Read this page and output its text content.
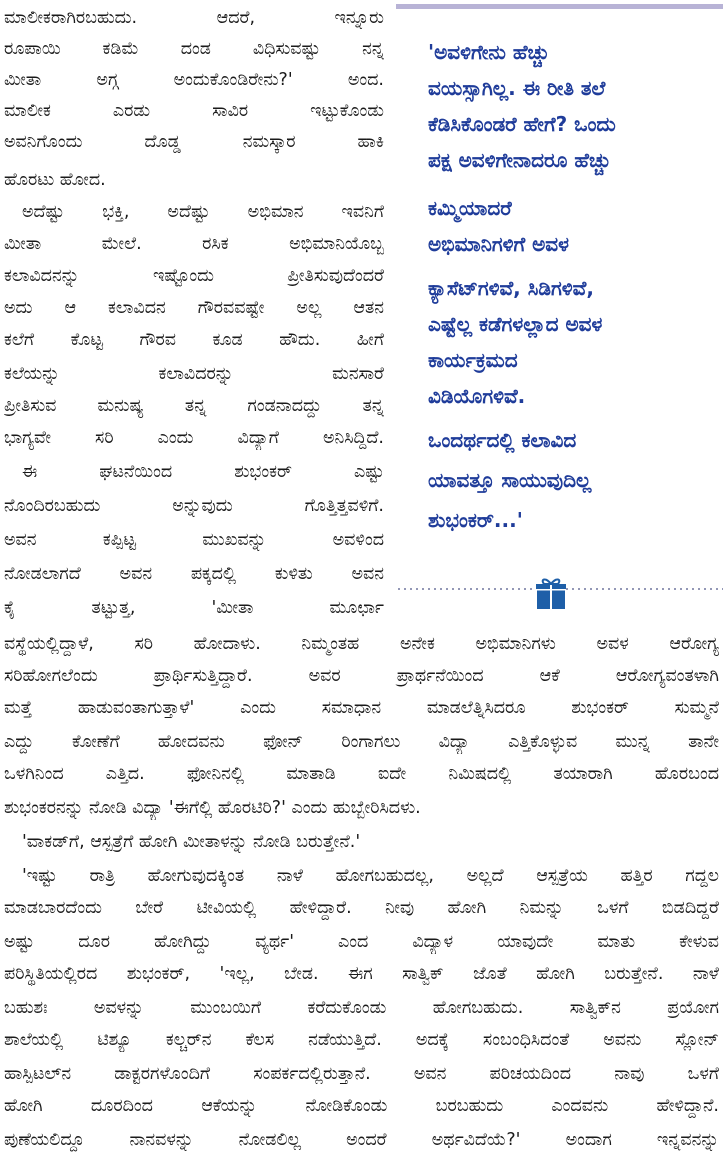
'ಅವಳಿಗೇನು ಹೆಚ್ಚು
ವಯಸ್ಸಾಗಿಲ್ಲ. ಈ ರೀತಿ ತಲೆ
ಕೆಡಿಸಿಕೊಂಡರೆ ಹೇಗೆ? ಒಂದು
ಪಕ್ಷ ಅವಳಿಗೇನಾದರೂ ಹೆಚ್ಚು
ಕಮ್ಮಿಯಾದರೆ
ಅಭಿಮಾನಿಗಳಿಗೆ ಅವಳ
ಕ್ಯಾಸೆಟ್‌ಗಳಿವೆ, ಸಿಡಿಗಳಿವೆ,
ಎಷ್ಟೆಲ್ಲ ಕಡೆಗಳಲ್ಲಾದ ಅವಳ
ಕಾರ್ಯಕ್ರಮದ
ವಿಡಿಯೊಗಳಿವೆ.
ಒಂದರ್ಥದಲ್ಲಿ ಕಲಾವಿದ
ಯಾವತ್ತೂ ಸಾಯುವುದಿಲ್ಲ
ಶುಭಂಕರ್...'
ಮಾಲೀಕರಾಗಿರಬಹುದು. ಆದರೆ, ಇನ್ನೂರು
ರೂಪಾಯಿ ಕಡಿಮೆ ದಂಡ ವಿಧಿಸುವಷ್ಟು ನನ್ನ
ಮೀತಾ ಅಗ್ಗ ಅಂದುಕೊಂಡಿರೇನು?' ಅಂದ.
ಮಾಲೀಕ ಎರಡು ಸಾವಿರ ಇಟ್ಟುಕೊಂಡು
ಅವನಿಗೊಂದು ದೊಡ್ಡ ನಮಸ್ಕಾರ ಹಾಕಿ
ಹೊರಟು ಹೋದ.
ಅದೆಷ್ಟು ಭಕ್ತಿ, ಅದೆಷ್ಟು ಅಭಿಮಾನ ಇವನಿಗೆ
ಮೀತಾ ಮೇಲೆ. ರಸಿಕ ಅಭಿಮಾನಿಯೊಬ್ಬ
ಕಲಾವಿದನನ್ನು ಇಷ್ಟೊಂದು ಪ್ರೀತಿಸುವುದೆಂದರೆ
ಅದು ಆ ಕಲಾವಿದನ ಗೌರವವಷ್ಟೇ ಅಲ್ಲ ಆತನ
ಕಲೆಗೆ ಕೊಟ್ಟ ಗೌರವ ಕೂಡ ಹೌದು. ಹೀಗೆ
ಕಲೆಯನ್ನು ಕಲಾವಿದರನ್ನು ಮನಸಾರೆ
ಪ್ರೀತಿಸುವ ಮನುಷ್ಯ ತನ್ನ ಗಂಡನಾದದ್ದು ತನ್ನ
ಭಾಗ್ಯವೇ ಸರಿ ಎಂದು ವಿದ್ಯಾಗೆ ಅನಿಸಿದ್ದಿದೆ.
ಈ ಘಟನೆಯಿಂದ ಶುಭಂಕರ್ ಎಷ್ಟು
ನೊಂದಿರಬಹುದು ಅನ್ನುವುದು ಗೊತ್ತಿತ್ತವಳಿಗೆ.
ಅವನ ಕಪ್ಪಿಟ್ಟ ಮುಖವನ್ನು ಅವಳಿಂದ
ನೋಡಲಾಗದೆ ಅವನ ಪಕ್ಕದಲ್ಲಿ ಕುಳಿತು ಅವನ
ಕೈ ತಟ್ಟುತ್ತ, 'ಮೀತಾ ಮೂರ್ಛಾ
ವಸ್ಥೆಯಲ್ಲಿದ್ದಾಳೆ, ಸರಿ ಹೋದಾಳು. ನಿಮ್ಮಂತಹ ಅನೇಕ ಅಭಿಮಾನಿಗಳು ಅವಳ ಆರೋಗ್ಯ
ಸರಿಹೋಗಲೆಂದು ಪ್ರಾರ್ಥಿಸುತ್ತಿದ್ದಾರೆ. ಅವರ ಪ್ರಾರ್ಥನೆಯಿಂದ ಆಕೆ ಆರೋಗ್ಯವಂತಳಾಗಿ
ಮತ್ತೆ ಹಾಡುವಂತಾಗುತ್ತಾಳೆ' ಎಂದು ಸಮಾಧಾನ ಮಾಡಲೆತ್ನಿಸಿದರೂ ಶುಭಂಕರ್ ಸುಮ್ಮನೆ
ಎದ್ದು ಕೋಣೆಗೆ ಹೋದವನು ಫೋನ್ ರಿಂಗಾಗಲು ವಿದ್ಯಾ ಎತ್ತಿಕೊಳ್ಳುವ ಮುನ್ನ ತಾನೇ
ಒಳಗಿನಿಂದ ಎತ್ತಿದ. ಫೋನಿನಲ್ಲಿ ಮಾತಾಡಿ ಐದೇ ನಿಮಿಷದಲ್ಲಿ ತಯಾರಾಗಿ ಹೊರಬಂದ
ಶುಭಂಕರನನ್ನು ನೋಡಿ ವಿದ್ಯಾ 'ಈಗೆಲ್ಲಿ ಹೊರಟಿರಿ?' ಎಂದು ಹುಬ್ಬೇರಿಸಿದಳು.
'ವಾಕಡ್‌ಗೆ, ಆಸ್ಪತ್ರೆಗೆ ಹೋಗಿ ಮೀತಾಳನ್ನು ನೋಡಿ ಬರುತ್ತೇನೆ.'
'ಇಷ್ಟು ರಾತ್ರಿ ಹೋಗುವುದಕ್ಕಿಂತ ನಾಳೆ ಹೋಗಬಹುದಲ್ಲ, ಅಲ್ಲದೆ ಆಸ್ಪತ್ರೆಯ ಹತ್ತಿರ ಗದ್ದಲ
ಮಾಡಬಾರದೆಂದು ಬೇರೆ ಟೀವಿಯಲ್ಲಿ ಹೇಳಿದ್ದಾರೆ. ನೀವು ಹೋಗಿ ನಿಮನ್ನು ಒಳಗೆ ಬಿಡದಿದ್ದರೆ
ಅಷ್ಟು ದೂರ ಹೋಗಿದ್ದು ವ್ಯರ್ಥ' ಎಂದ ವಿದ್ಯಾಳ ಯಾವುದೇ ಮಾತು ಕೇಳುವ
ಪರಿಸ್ಥಿತಿಯಲ್ಲಿರದ ಶುಭಂಕರ್, 'ಇಲ್ಲ, ಬೇಡ. ಈಗ ಸಾತ್ವಿಕ್ ಜೊತೆ ಹೋಗಿ ಬರುತ್ತೇನೆ. ನಾಳೆ
ಬಹುಶಃ ಅವಳನ್ನು ಮುಂಬಯಿಗೆ ಕರೆದುಕೊಂಡು ಹೋಗಬಹುದು. ಸಾತ್ವಿಕ್‌ನ ಪ್ರಯೋಗ
ಶಾಲೆಯಲ್ಲಿ ಟಿಶ್ಯೂ ಕಲ್ಚರ್‌ನ ಕೆಲಸ ನಡೆಯುತ್ತಿದೆ. ಅದಕ್ಕೆ ಸಂಬಂಧಿಸಿದಂತೆ ಅವನು ಸ್ಲೋನ್
ಹಾಸ್ಪಿಟಲ್‌ನ ಡಾಕ್ಟರಗಳೊಂದಿಗೆ ಸಂಪರ್ಕದಲ್ಲಿರುತ್ತಾನೆ. ಅವನ ಪರಿಚಯದಿಂದ ನಾವು ಒಳಗೆ
ಹೋಗಿ ದೂರದಿಂದ ಆಕೆಯನ್ನು ನೋಡಿಕೊಂಡು ಬರಬಹುದು ಎಂದವನು ಹೇಳಿದ್ದಾನೆ.
ಪುಣೆಯಲಿದ್ದೂ ನಾನವಳನ್ನು ನೋಡಲಿಲ್ಲ ಅಂದರೆ ಅರ್ಥವಿದೆಯೆ?' ಅಂದಾಗ ಇನ್ನವನನ್ನು
